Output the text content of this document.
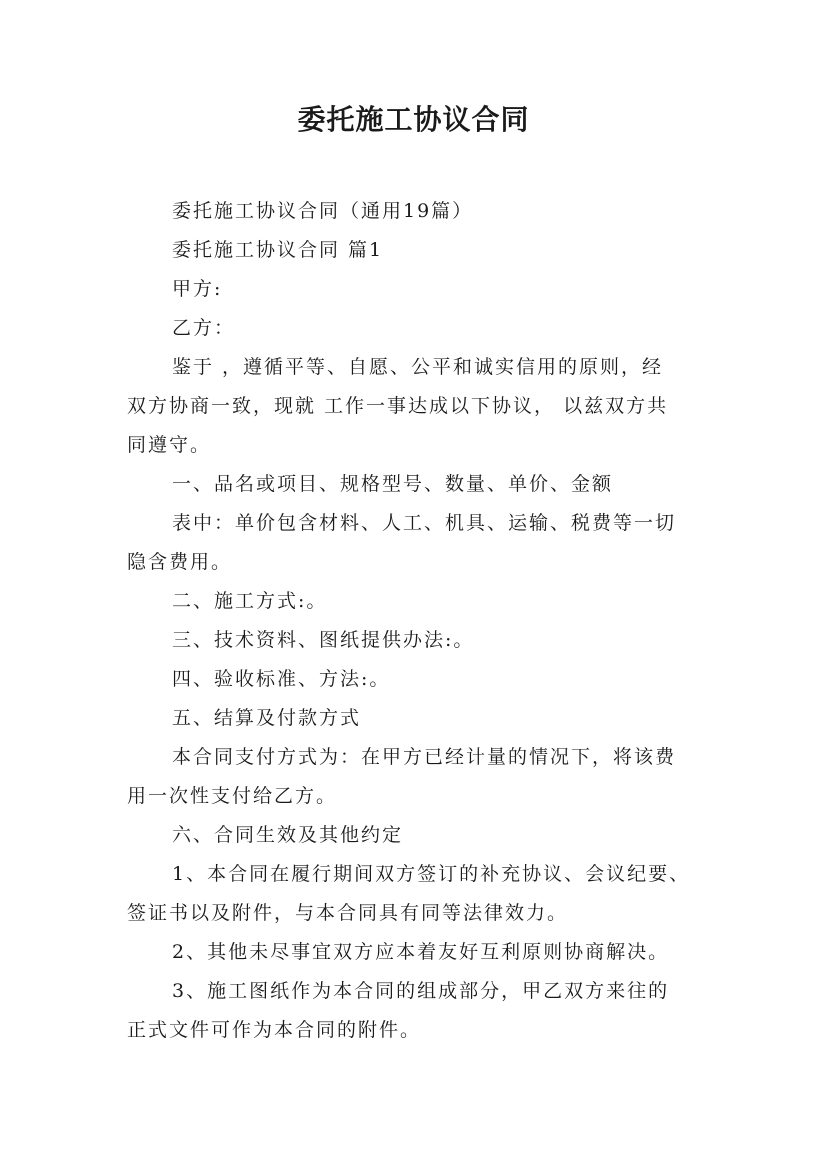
委托施工协议合同
委托施工协议合同（通用19篇）
委托施工协议合同 篇1
甲方:
乙方：
鉴于 ，遵循平等、自愿、公平和诚实信用的原则，经
双方协商一致，现就 工作一事达成以下协议， 以兹双方共
同遵守。
一、品名或项目、规格型号、数量、单价、金额
表中：单价包含材料、人工、机具、运输、税费等一切
隐含费用。
二、施工方式:。
三、技术资料、图纸提供办法:。
四、验收标准、方法:。
五、结算及付款方式
本合同支付方式为：在甲方已经计量的情况下，将该费
用一次性支付给乙方。
六、合同生效及其他约定
1、本合同在履行期间双方签订的补充协议、会议纪要、
签证书以及附件，与本合同具有同等法律效力。
2、其他未尽事宜双方应本着友好互利原则协商解决。
3、施工图纸作为本合同的组成部分，甲乙双方来往的
正式文件可作为本合同的附件。
